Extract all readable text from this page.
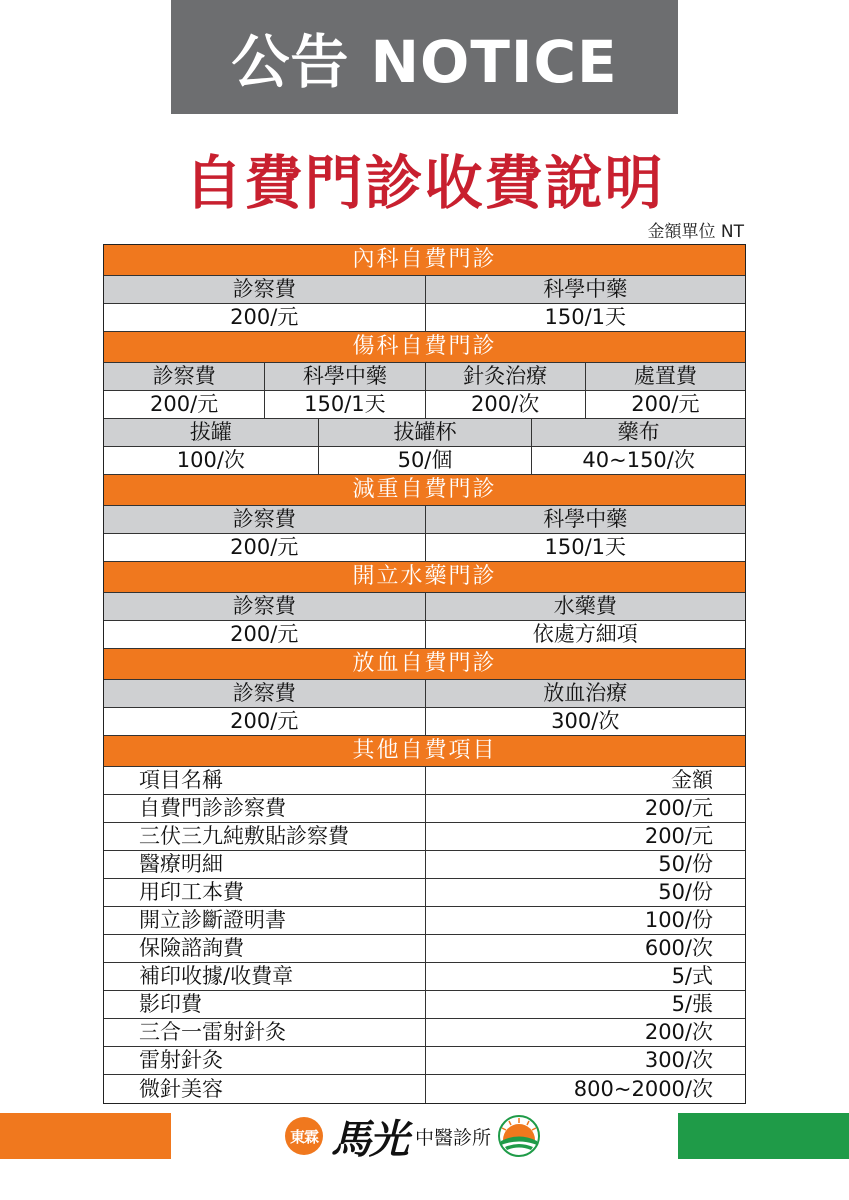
公告 NOTICE
自費門診收費說明
金額單位 NT
內科自費門診
診察費	科學中藥
200/元	150/1天
傷科自費門診
診察費	科學中藥	針灸治療	處置費
200/元	150/1天	200/次	200/元
拔罐	拔罐杯	藥布
100/次	50/個	40~150/次
減重自費門診
診察費	科學中藥
200/元	150/1天
開立水藥門診
診察費	水藥費
200/元	依處方細項
放血自費門診
診察費	放血治療
200/元	300/次
其他自費項目
項目名稱	金額
自費門診診察費	200/元
三伏三九純敷貼診察費	200/元
醫療明細	50/份
用印工本費	50/份
開立診斷證明書	100/份
保險諮詢費	600/次
補印收據/收費章	5/式
影印費	5/張
三合一雷射針灸	200/次
雷射針灸	300/次
微針美容	800~2000/次
東霖 馬光 中醫診所
